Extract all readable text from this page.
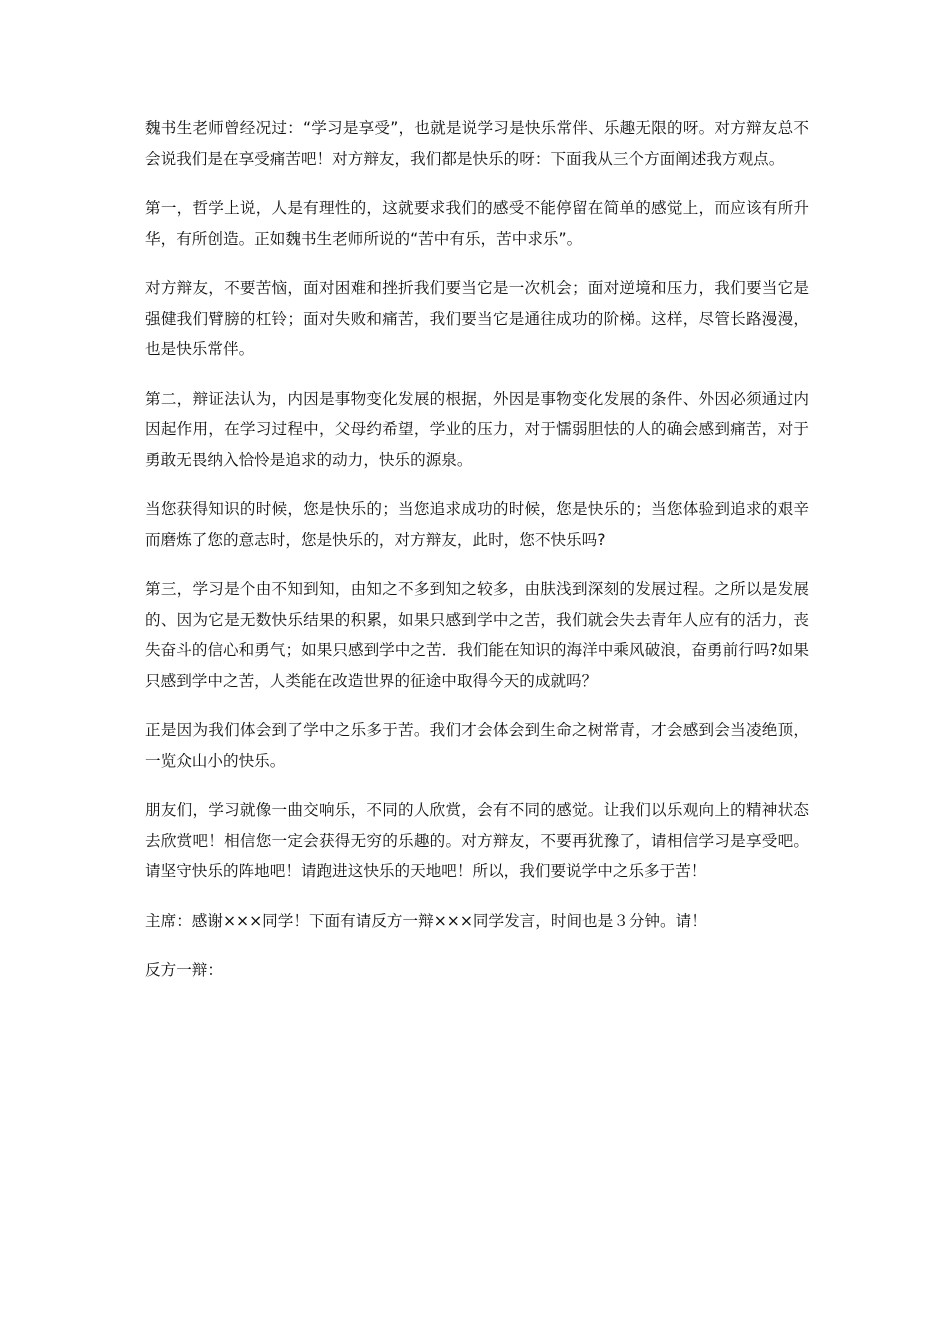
魏书生老师曾经况过：“学习是享受”，也就是说学习是快乐常伴、乐趣无限的呀。对方辩友总不会说我们是在享受痛苦吧！对方辩友，我们都是快乐的呀：下面我从三个方面阐述我方观点。

第一，哲学上说，人是有理性的，这就要求我们的感受不能停留在简单的感觉上，而应该有所升华，有所创造。正如魏书生老师所说的“苦中有乐，苦中求乐”。

对方辩友，不要苦恼，面对困难和挫折我们要当它是一次机会；面对逆境和压力，我们要当它是强健我们臂膀的杠铃；面对失败和痛苦，我们要当它是通往成功的阶梯。这样，尽管长路漫漫，也是快乐常伴。

第二，辩证法认为，内因是事物变化发展的根据，外因是事物变化发展的条件、外因必须通过内因起作用，在学习过程中，父母约希望，学业的压力，对于懦弱胆怯的人的确会感到痛苦，对于勇敢无畏纳入恰怜是追求的动力，快乐的源泉。

当您获得知识的时候，您是快乐的；当您追求成功的时候，您是快乐的；当您体验到追求的艰辛而磨炼了您的意志时，您是快乐的，对方辩友，此时，您不快乐吗?

第三，学习是个由不知到知，由知之不多到知之较多，由肤浅到深刻的发展过程。之所以是发展的、因为它是无数快乐结果的积累，如果只感到学中之苦，我们就会失去青年人应有的活力，丧失奋斗的信心和勇气；如果只感到学中之苦．我们能在知识的海洋中乘风破浪，奋勇前行吗?如果只感到学中之苦，人类能在改造世界的征途中取得今天的成就吗？

正是因为我们体会到了学中之乐多于苦。我们才会体会到生命之树常青，才会感到会当凌绝顶，一览众山小的快乐。

朋友们，学习就像一曲交响乐，不同的人欣赏，会有不同的感觉。让我们以乐观向上的精神状态去欣赏吧！相信您一定会获得无穷的乐趣的。对方辩友，不要再犹豫了，请相信学习是享受吧。请坚守快乐的阵地吧！请跑进这快乐的天地吧！所以，我们要说学中之乐多于苦！

主席：感谢×××同学！下面有请反方一辩×××同学发言，时间也是３分钟。请！

反方一辩：
